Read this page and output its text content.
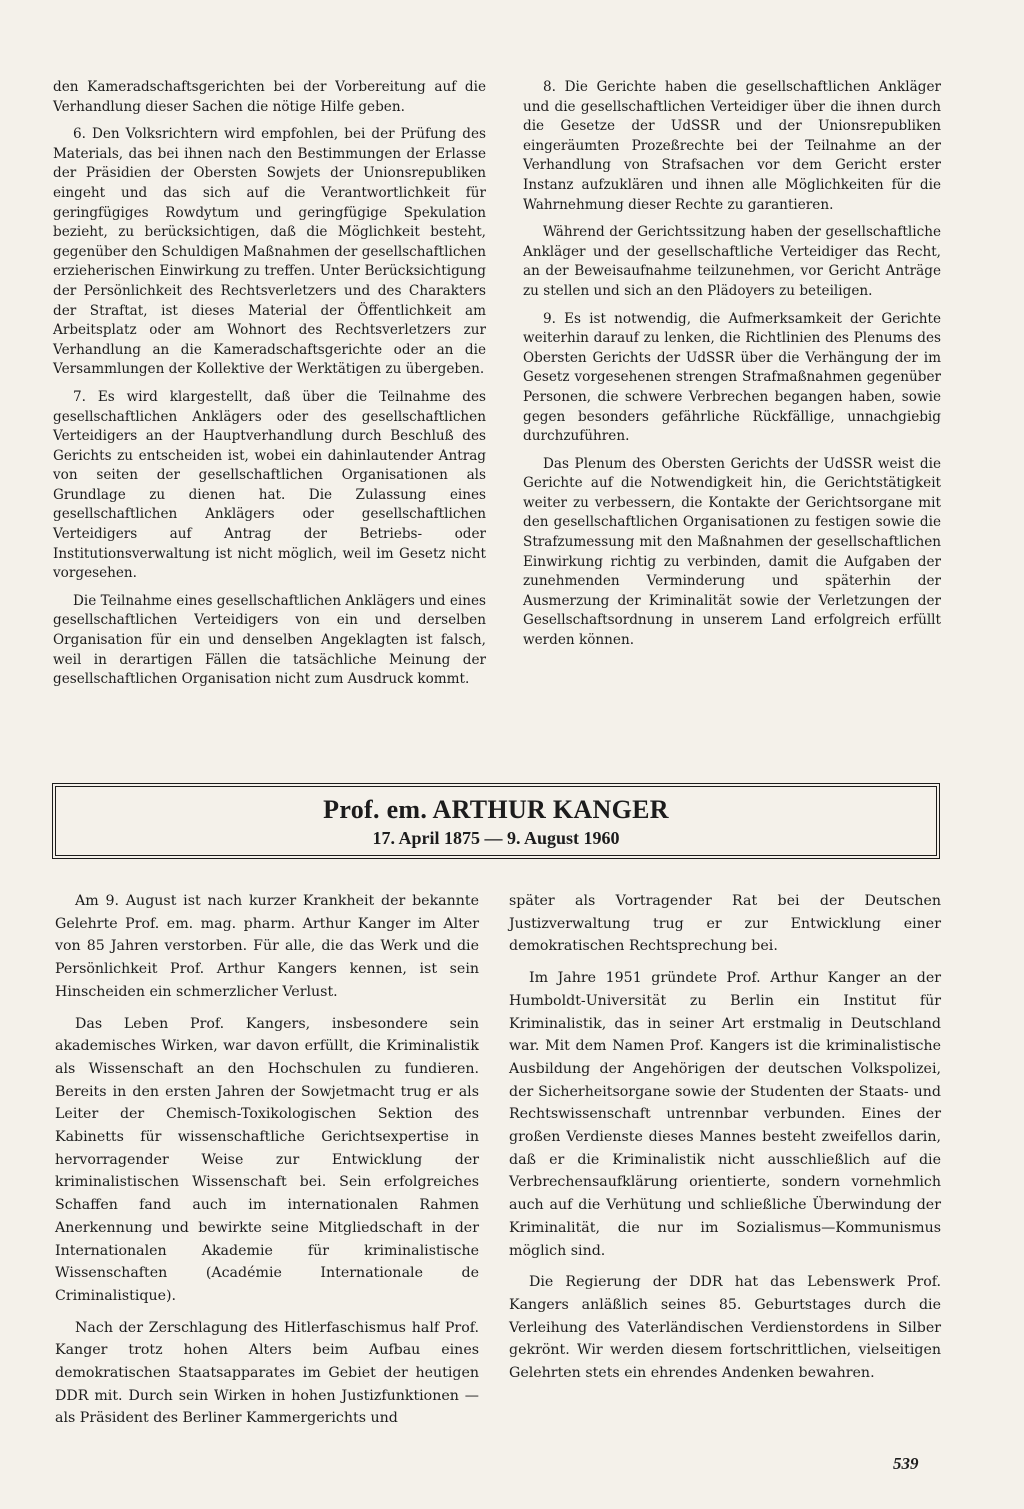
den Kameradschaftsgerichten bei der Vorbereitung auf die Verhandlung dieser Sachen die nötige Hilfe geben.

6. Den Volksrichtern wird empfohlen, bei der Prüfung des Materials, das bei ihnen nach den Bestimmungen der Erlasse der Präsidien der Obersten Sowjets der Unionsrepubliken eingeht und das sich auf die Verantwortlichkeit für geringfügiges Rowdytum und geringfügige Spekulation bezieht, zu berücksichtigen, daß die Möglichkeit besteht, gegenüber den Schuldigen Maßnahmen der gesellschaftlichen erzieherischen Einwirkung zu treffen. Unter Berücksichtigung der Persönlichkeit des Rechtsverletzers und des Charakters der Straftat, ist dieses Material der Öffentlichkeit am Arbeitsplatz oder am Wohnort des Rechtsverletzers zur Verhandlung an die Kameradschaftsgerichte oder an die Versammlungen der Kollektive der Werktätigen zu übergeben.

7. Es wird klargestellt, daß über die Teilnahme des gesellschaftlichen Anklägers oder des gesellschaftlichen Verteidigers an der Hauptverhandlung durch Beschluß des Gerichts zu entscheiden ist, wobei ein dahinlautender Antrag von seiten der gesellschaftlichen Organisationen als Grundlage zu dienen hat. Die Zulassung eines gesellschaftlichen Anklägers oder gesellschaftlichen Verteidigers auf Antrag der Betriebs- oder Institutionsverwaltung ist nicht möglich, weil im Gesetz nicht vorgesehen.

Die Teilnahme eines gesellschaftlichen Anklägers und eines gesellschaftlichen Verteidigers von ein und derselben Organisation für ein und denselben Angeklagten ist falsch, weil in derartigen Fällen die tatsächliche Meinung der gesellschaftlichen Organisation nicht zum Ausdruck kommt.

8. Die Gerichte haben die gesellschaftlichen Ankläger und die gesellschaftlichen Verteidiger über die ihnen durch die Gesetze der UdSSR und der Unionsrepubliken eingeräumten Prozeßrechte bei der Teilnahme an der Verhandlung von Strafsachen vor dem Gericht erster Instanz aufzuklären und ihnen alle Möglichkeiten für die Wahrnehmung dieser Rechte zu garantieren.

Während der Gerichtssitzung haben der gesellschaftliche Ankläger und der gesellschaftliche Verteidiger das Recht, an der Beweisaufnahme teilzunehmen, vor Gericht Anträge zu stellen und sich an den Plädoyers zu beteiligen.

9. Es ist notwendig, die Aufmerksamkeit der Gerichte weiterhin darauf zu lenken, die Richtlinien des Plenums des Obersten Gerichts der UdSSR über die Verhängung der im Gesetz vorgesehenen strengen Strafmaßnahmen gegenüber Personen, die schwere Verbrechen begangen haben, sowie gegen besonders gefährliche Rückfällige, unnachgiebig durchzuführen.

Das Plenum des Obersten Gerichts der UdSSR weist die Gerichte auf die Notwendigkeit hin, die Gerichtstätigkeit weiter zu verbessern, die Kontakte der Gerichtsorgane mit den gesellschaftlichen Organisationen zu festigen sowie die Strafzumessung mit den Maßnahmen der gesellschaftlichen Einwirkung richtig zu verbinden, damit die Aufgaben der zunehmenden Verminderung und späterhin der Ausmerzung der Kriminalität sowie der Verletzungen der Gesellschaftsordnung in unserem Land erfolgreich erfüllt werden können.

Prof. em. ARTHUR KANGER
17. April 1875 — 9. August 1960

Am 9. August ist nach kurzer Krankheit der bekannte Gelehrte Prof. em. mag. pharm. Arthur Kanger im Alter von 85 Jahren verstorben. Für alle, die das Werk und die Persönlichkeit Prof. Arthur Kangers kennen, ist sein Hinscheiden ein schmerzlicher Verlust.

Das Leben Prof. Kangers, insbesondere sein akademisches Wirken, war davon erfüllt, die Kriminalistik als Wissenschaft an den Hochschulen zu fundieren. Bereits in den ersten Jahren der Sowjetmacht trug er als Leiter der Chemisch-Toxikologischen Sektion des Kabinetts für wissenschaftliche Gerichtsexpertise in hervorragender Weise zur Entwicklung der kriminalistischen Wissenschaft bei. Sein erfolgreiches Schaffen fand auch im internationalen Rahmen Anerkennung und bewirkte seine Mitgliedschaft in der Internationalen Akademie für kriminalistische Wissenschaften (Académie Internationale de Criminalistique).

Nach der Zerschlagung des Hitlerfaschismus half Prof. Kanger trotz hohen Alters beim Aufbau eines demokratischen Staatsapparates im Gebiet der heutigen DDR mit. Durch sein Wirken in hohen Justizfunktionen — als Präsident des Berliner Kammergerichts und

später als Vortragender Rat bei der Deutschen Justizverwaltung trug er zur Entwicklung einer demokratischen Rechtsprechung bei.

Im Jahre 1951 gründete Prof. Arthur Kanger an der Humboldt-Universität zu Berlin ein Institut für Kriminalistik, das in seiner Art erstmalig in Deutschland war. Mit dem Namen Prof. Kangers ist die kriminalistische Ausbildung der Angehörigen der deutschen Volkspolizei, der Sicherheitsorgane sowie der Studenten der Staats- und Rechtswissenschaft untrennbar verbunden. Eines der großen Verdienste dieses Mannes besteht zweifellos darin, daß er die Kriminalistik nicht ausschließlich auf die Verbrechensaufklärung orientierte, sondern vornehmlich auch auf die Verhütung und schließliche Überwindung der Kriminalität, die nur im Sozialismus—Kommunismus möglich sind.

Die Regierung der DDR hat das Lebenswerk Prof. Kangers anläßlich seines 85. Geburtstages durch die Verleihung des Vaterländischen Verdienstordens in Silber gekrönt. Wir werden diesem fortschrittlichen, vielseitigen Gelehrten stets ein ehrendes Andenken bewahren.

539
